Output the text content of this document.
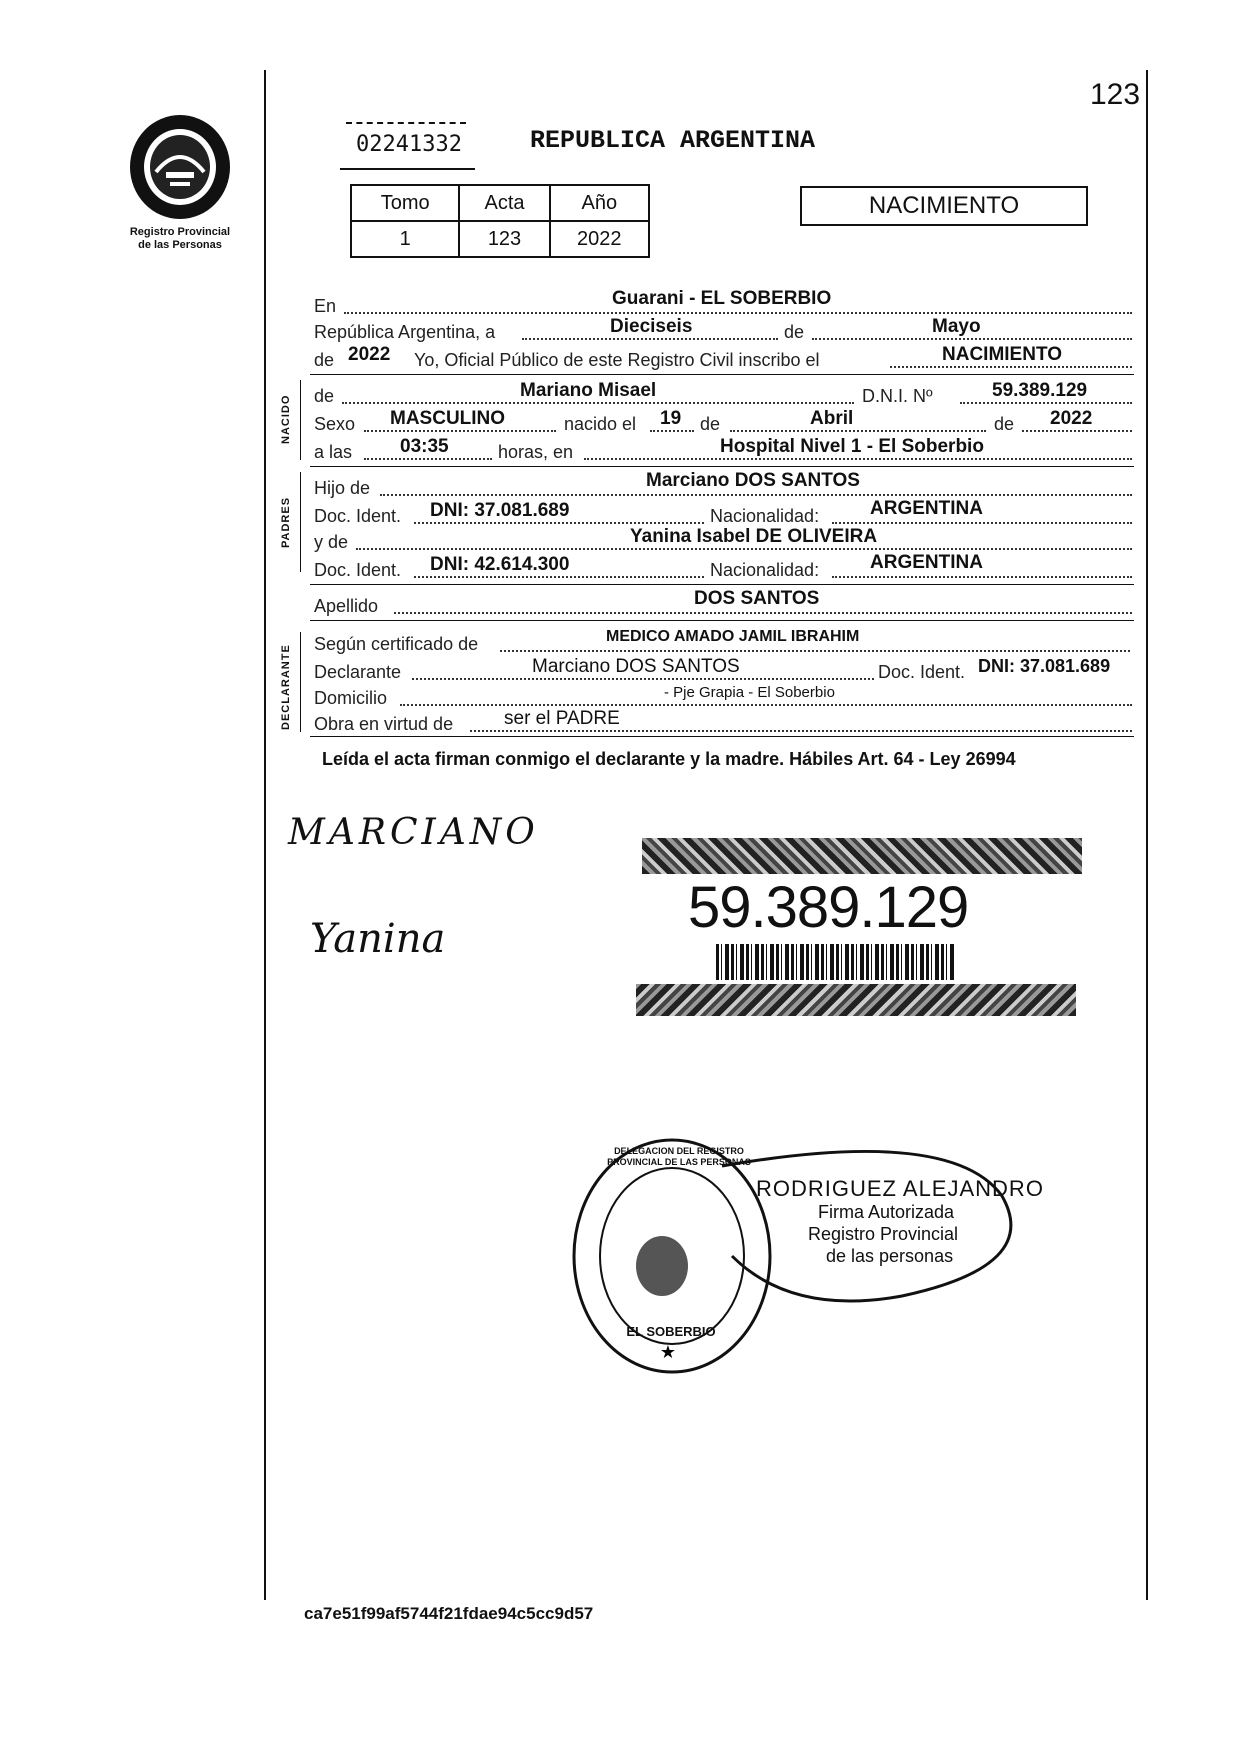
123
Registro Provincial
de las Personas
02241332	REPUBLICA ARGENTINA
Tomo	Acta	Año
1	123	2022
NACIMIENTO
NACIDO
PADRES
DECLARANTE
En	Guarani - EL SOBERBIO
República Argentina, a	Dieciseis	de	Mayo
de 2022 Yo, Oficial Público de este Registro Civil inscribo el	NACIMIENTO
de	Mariano Misael	D.N.I. Nº	59.389.129
Sexo MASCULINO	nacido el 19 de	Abril	de 2022
a las	03:35	horas, en	Hospital Nivel 1 - El Soberbio
Hijo de	Marciano DOS SANTOS
Doc. Ident. DNI: 37.081.689	Nacionalidad:	ARGENTINA
y de	Yanina Isabel DE OLIVEIRA
Doc. Ident. DNI: 42.614.300	Nacionalidad:	ARGENTINA
Apellido	DOS SANTOS
Según certificado de	MEDICO AMADO JAMIL IBRAHIM
Declarante	Marciano DOS SANTOS	Doc. Ident. DNI: 37.081.689
Domicilio	- Pje Grapia - El Soberbio
Obra en virtud de	ser el PADRE
Leída el acta firman conmigo el declarante y la madre. Hábiles Art. 64 - Ley 26994
MARCIANO
Yanina	59.389.129
★
DELEGACION DEL REGISTRO PROVINCIAL DE LAS PERSONAS
EL SOBERBIO
RODRIGUEZ ALEJANDRO
Firma Autorizada
Registro Provincial
de las personas
ca7e51f99af5744f21fdae94c5cc9d57
